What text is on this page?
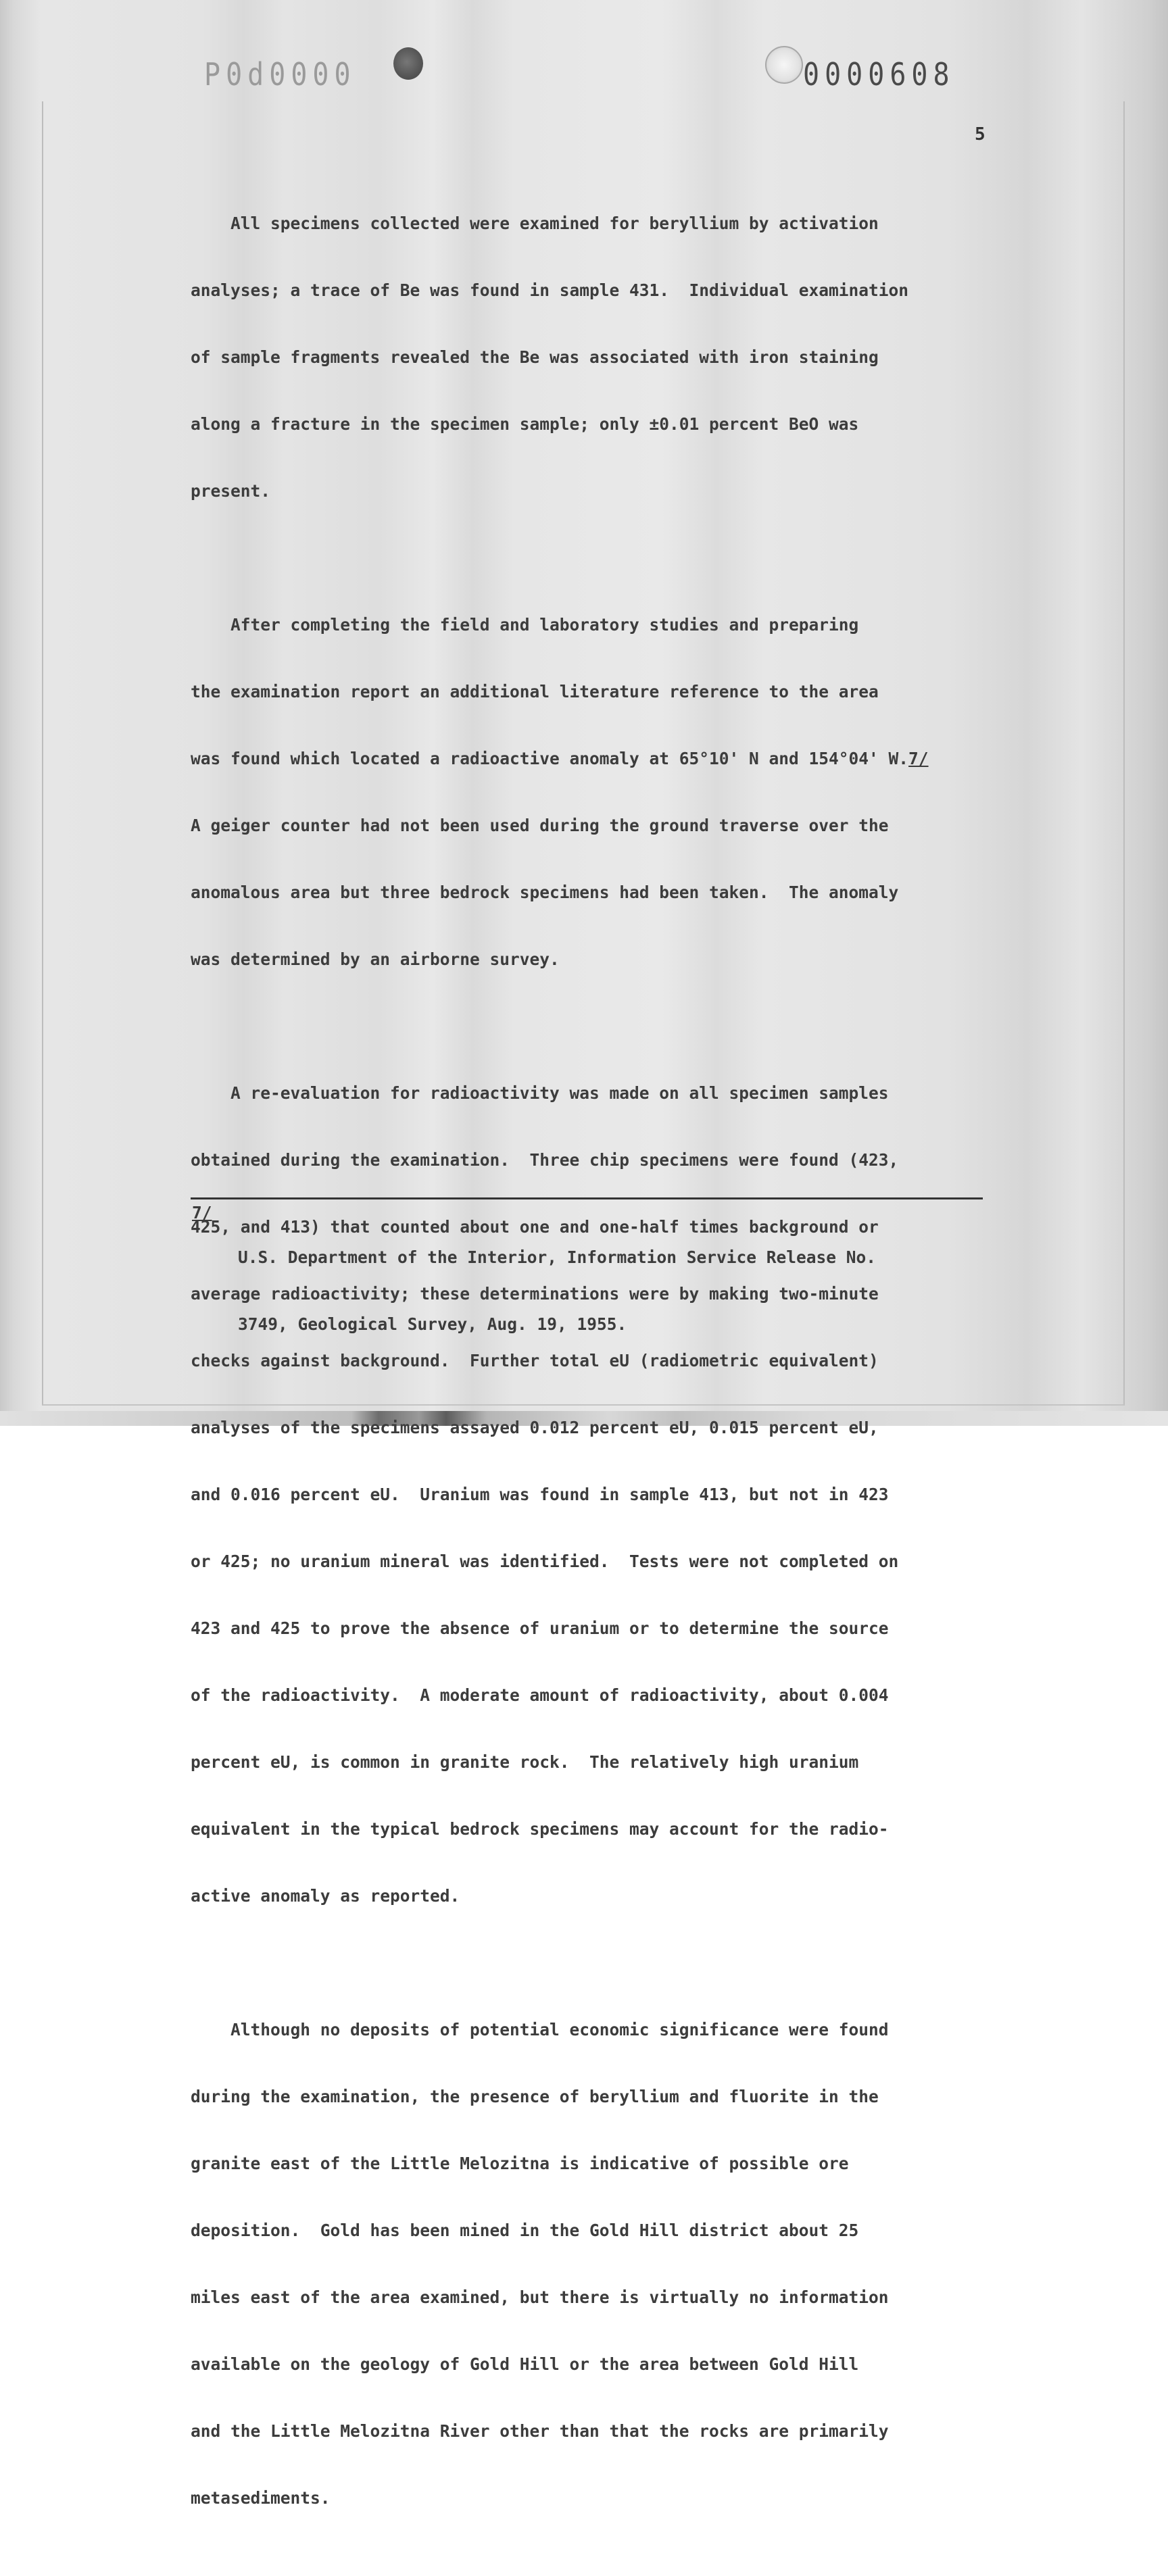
P0d0000	0000608
5

All specimens collected were examined for beryllium by activation

analyses; a trace of Be was found in sample 431.  Individual examination

of sample fragments revealed the Be was associated with iron staining

along a fracture in the specimen sample; only ±0.01 percent BeO was

present.

After completing the field and laboratory studies and preparing

the examination report an additional literature reference to the area

was found which located a radioactive anomaly at 65°10' N and 154°04' W.7/

A geiger counter had not been used during the ground traverse over the

anomalous area but three bedrock specimens had been taken.  The anomaly

was determined by an airborne survey.

A re-evaluation for radioactivity was made on all specimen samples

obtained during the examination.  Three chip specimens were found (423,

425, and 413) that counted about one and one-half times background or

average radioactivity; these determinations were by making two-minute

checks against background.  Further total eU (radiometric equivalent)

analyses of the specimens assayed 0.012 percent eU, 0.015 percent eU,

and 0.016 percent eU.  Uranium was found in sample 413, but not in 423

or 425; no uranium mineral was identified.  Tests were not completed on

423 and 425 to prove the absence of uranium or to determine the source

of the radioactivity.  A moderate amount of radioactivity, about 0.004

percent eU, is common in granite rock.  The relatively high uranium

equivalent in the typical bedrock specimens may account for the radio-

active anomaly as reported.

Although no deposits of potential economic significance were found

during the examination, the presence of beryllium and fluorite in the

granite east of the Little Melozitna is indicative of possible ore

deposition.  Gold has been mined in the Gold Hill district about 25

miles east of the area examined, but there is virtually no information

available on the geology of Gold Hill or the area between Gold Hill

and the Little Melozitna River other than that the rocks are primarily

metasediments.

7/

U.S. Department of the Interior, Information Service Release No.

3749, Geological Survey, Aug. 19, 1955.
